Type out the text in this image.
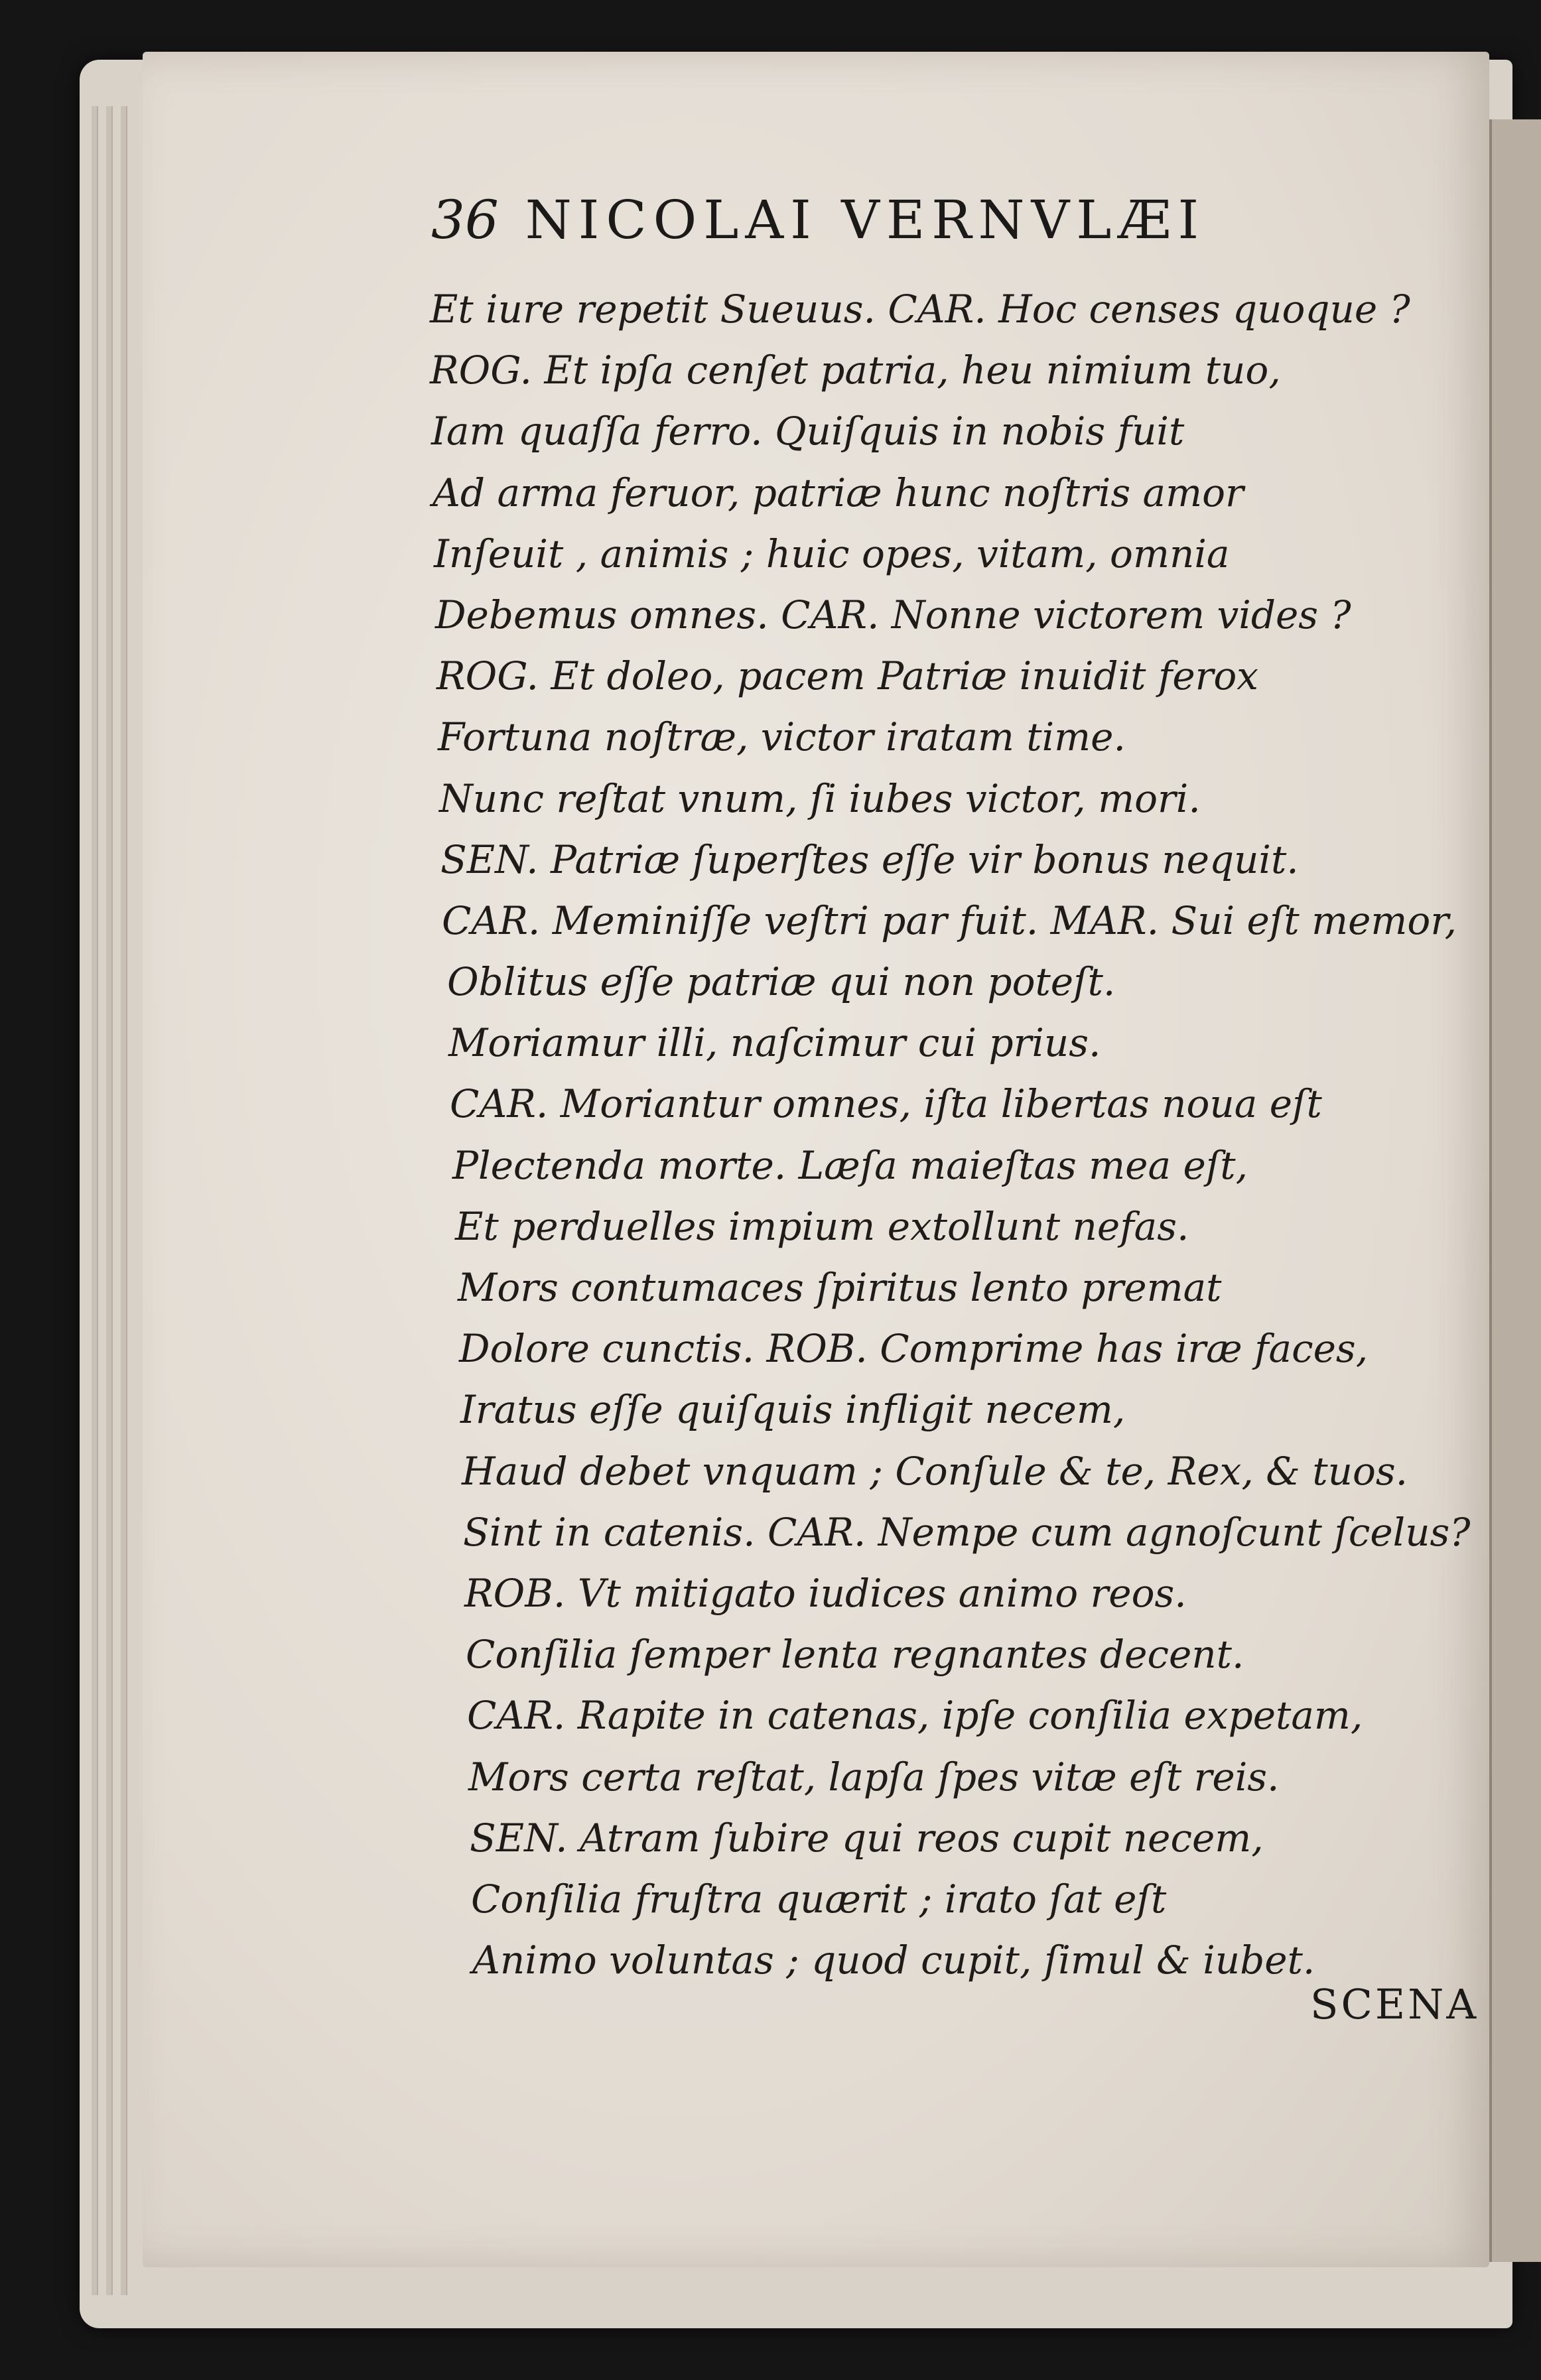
36 NICOLAI VERNVLÆI
Et iure repetit Sueuus. CAR. Hoc censes quoque ?
ROG. Et ipſa cenſet patria, heu nimium tuo,
Iam quaſſa ferro. Quiſquis in nobis fuit
Ad arma feruor, patriæ hunc noſtris amor
Inſeuit , animis ; huic opes, vitam, omnia
Debemus omnes. CAR. Nonne victorem vides ?
ROG. Et doleo, pacem Patriæ inuidit ferox
Fortuna noſtræ, victor iratam time.
Nunc reſtat vnum, ſi iubes victor, mori.
SEN. Patriæ ſuperſtes eſſe vir bonus nequit.
CAR. Meminiſſe veſtri par fuit. MAR. Sui eſt memor,
Oblitus eſſe patriæ qui non poteſt.
Moriamur illi, naſcimur cui prius.
CAR. Moriantur omnes, iſta libertas noua eſt
Plectenda morte. Læſa maieſtas mea eſt,
Et perduelles impium extollunt nefas.
Mors contumaces ſpiritus lento premat
Dolore cunctis. ROB. Comprime has iræ faces,
Iratus eſſe quiſquis infligit necem,
Haud debet vnquam ; Conſule & te, Rex, & tuos.
Sint in catenis. CAR. Nempe cum agnoſcunt ſcelus?
ROB. Vt mitigato iudices animo reos.
Conſilia ſemper lenta regnantes decent.
CAR. Rapite in catenas, ipſe conſilia expetam,
Mors certa reſtat, lapſa ſpes vitæ eſt reis.
SEN. Atram ſubire qui reos cupit necem,
Conſilia fruſtra quærit ; irato ſat eſt
Animo voluntas ; quod cupit, ſimul & iubet.
SCENA
